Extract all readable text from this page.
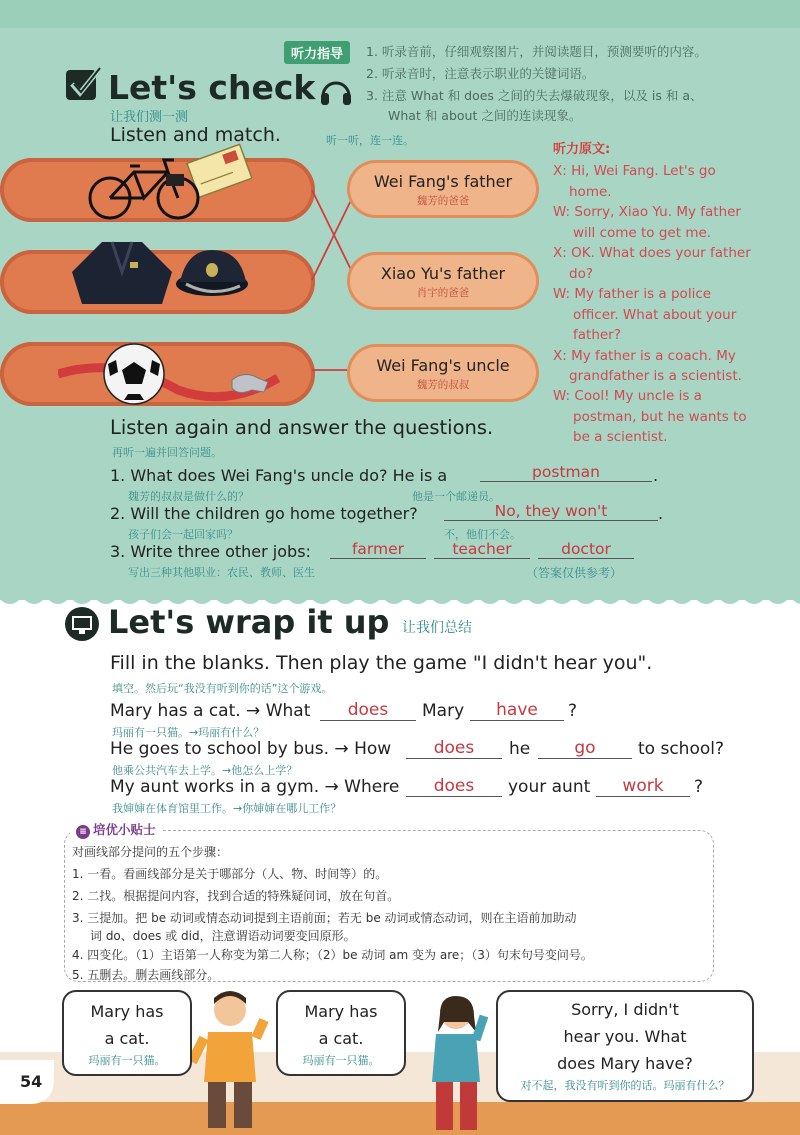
听力指导	1. 听录音前，仔细观察图片，并阅读题目，预测要听的内容。
2. 听录音时，注意表示职业的关键词语。
3. 注意 What 和 does 之间的失去爆破现象，以及 is 和 a、
What 和 about 之间的连读现象。
Let's check
让我们测一测
Listen and match.	听一听，连一连。
Wei Fang's father
魏芳的爸爸
Xiao Yu's father
肖宇的爸爸
Wei Fang's uncle
魏芳的叔叔
听力原文:
X: Hi, Wei Fang. Let's go
home.
W: Sorry, Xiao Yu. My father
will come to get me.
X: OK. What does your father
do?
W: My father is a police
officer. What about your
father?
X: My father is a coach. My
grandfather is a scientist.
W: Cool! My uncle is a
postman, but he wants to
be a scientist.
Listen again and answer the questions.
再听一遍并回答问题。
1. What does Wei Fang's uncle do? He is a	postman	.
魏芳的叔叔是做什么的？	他是一个邮递员。
2. Will the children go home together?	No, they won't	.
孩子们会一起回家吗？	不，他们不会。
3. Write three other jobs:	farmer	teacher	doctor
写出三种其他职业：农民、教师、医生	（答案仅供参考）
Let's wrap it up 让我们总结
Fill in the blanks. Then play the game "I didn't hear you".
填空。然后玩“我没有听到你的话”这个游戏。
Mary has a cat. → What	does	Mary	have	?
玛丽有一只猫。→玛丽有什么？
He goes to school by bus. → How	does	he	go	to school?
他乘公共汽车去上学。→他怎么上学？
My aunt works in a gym. → Where	does	your aunt	work	?
我婶婶在体育馆里工作。→你婶婶在哪儿工作？
≡ 培优小贴士
对画线部分提问的五个步骤：
1. 一看。看画线部分是关于哪部分（人、物、时间等）的。
2. 二找。根据提问内容，找到合适的特殊疑问词，放在句首。
3. 三提加。把 be 动词或情态动词提到主语前面；若无 be 动词或情态动词，则在主语前加助动
词 do、does 或 did，注意谓语动词要变回原形。
4. 四变化。（1）主语第一人称变为第二人称；（2）be 动词 am 变为 are；（3）句末句号变问号。
5. 五删去。删去画线部分。
54
Mary has
a cat.
玛丽有一只猫。
Mary has
a cat.
玛丽有一只猫。
Sorry, I didn't
hear you. What
does Mary have?
对不起，我没有听到你的话。玛丽有什么？
